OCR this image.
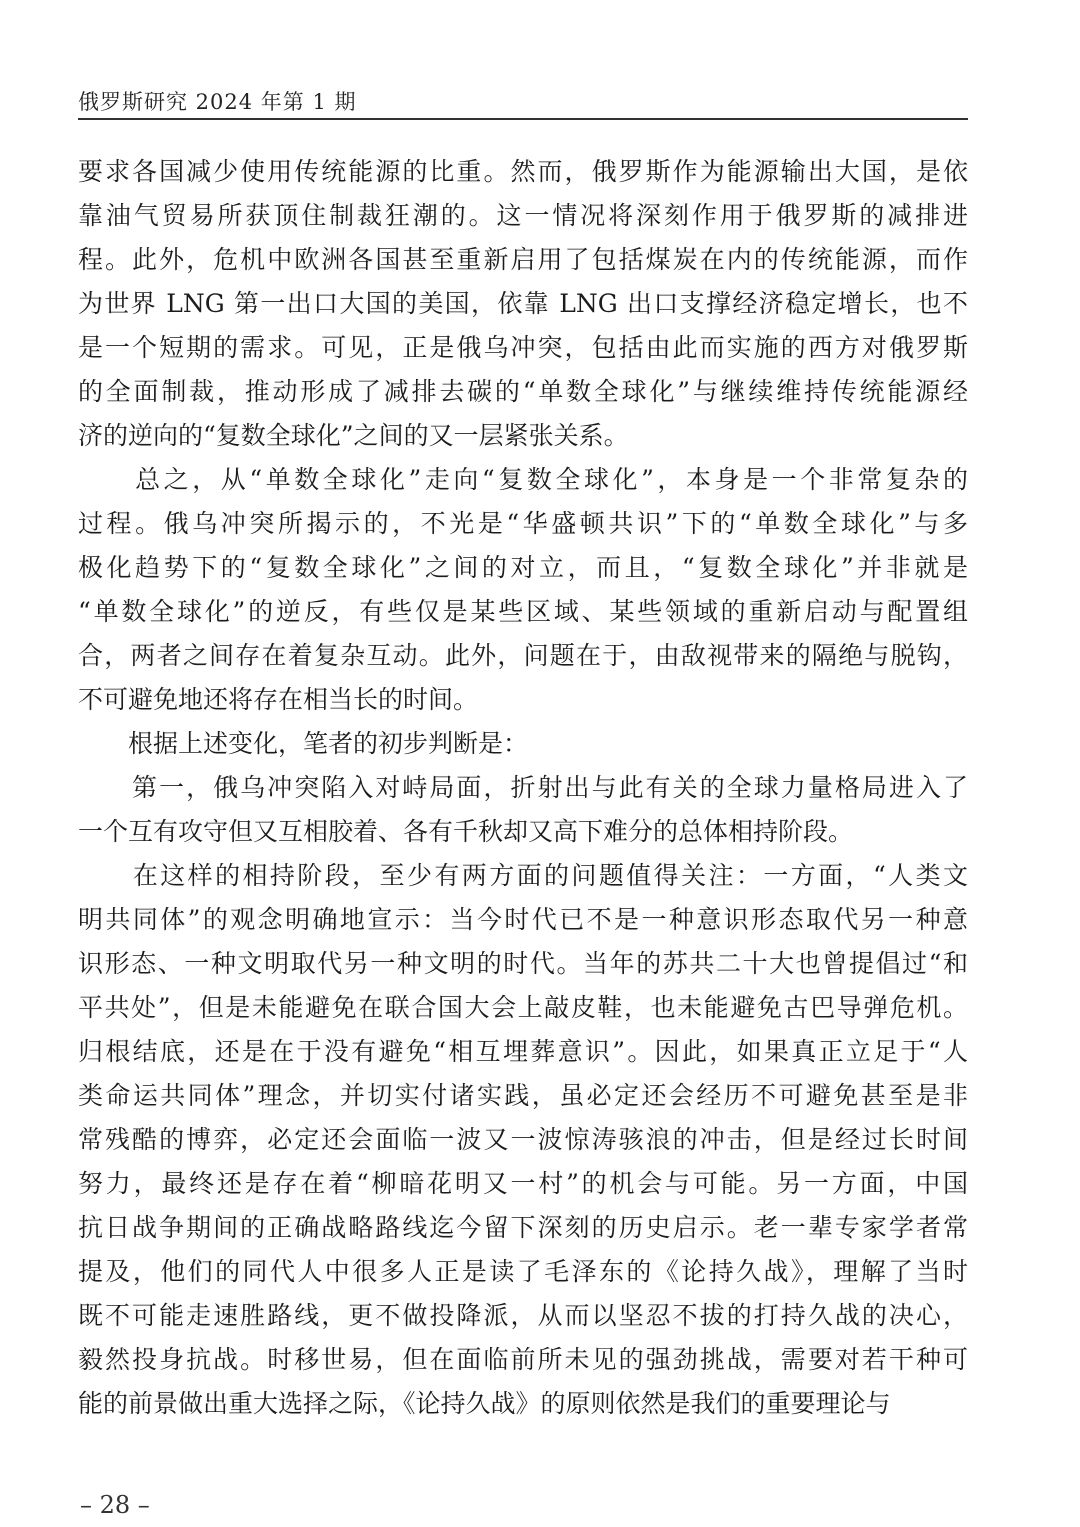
俄罗斯研究 2024 年第 1 期
要求各国减少使用传统能源的比重。然而，俄罗斯作为能源输出大国，是依
靠油气贸易所获顶住制裁狂潮的。这一情况将深刻作用于俄罗斯的减排进
程。此外，危机中欧洲各国甚至重新启用了包括煤炭在内的传统能源，而作
为世界 LNG 第一出口大国的美国，依靠 LNG 出口支撑经济稳定增长，也不
是一个短期的需求。可见，正是俄乌冲突，包括由此而实施的西方对俄罗斯
的全面制裁，推动形成了减排去碳的“单数全球化”与继续维持传统能源经
济的逆向的“复数全球化”之间的又一层紧张关系。
　　总之，从“单数全球化”走向“复数全球化”，本身是一个非常复杂的
过程。俄乌冲突所揭示的，不光是“华盛顿共识”下的“单数全球化”与多
极化趋势下的“复数全球化”之间的对立，而且，“复数全球化”并非就是
“单数全球化”的逆反，有些仅是某些区域、某些领域的重新启动与配置组
合，两者之间存在着复杂互动。此外，问题在于，由敌视带来的隔绝与脱钩，
不可避免地还将存在相当长的时间。
　　根据上述变化，笔者的初步判断是：
　　第一，俄乌冲突陷入对峙局面，折射出与此有关的全球力量格局进入了
一个互有攻守但又互相胶着、各有千秋却又高下难分的总体相持阶段。
　　在这样的相持阶段，至少有两方面的问题值得关注：一方面，“人类文
明共同体”的观念明确地宣示：当今时代已不是一种意识形态取代另一种意
识形态、一种文明取代另一种文明的时代。当年的苏共二十大也曾提倡过“和
平共处”，但是未能避免在联合国大会上敲皮鞋，也未能避免古巴导弹危机。
归根结底，还是在于没有避免“相互埋葬意识”。因此，如果真正立足于“人
类命运共同体”理念，并切实付诸实践，虽必定还会经历不可避免甚至是非
常残酷的博弈，必定还会面临一波又一波惊涛骇浪的冲击，但是经过长时间
努力，最终还是存在着“柳暗花明又一村”的机会与可能。另一方面，中国
抗日战争期间的正确战略路线迄今留下深刻的历史启示。老一辈专家学者常
提及，他们的同代人中很多人正是读了毛泽东的《论持久战》，理解了当时
既不可能走速胜路线，更不做投降派，从而以坚忍不拔的打持久战的决心，
毅然投身抗战。时移世易，但在面临前所未见的强劲挑战，需要对若干种可
能的前景做出重大选择之际，《论持久战》的原则依然是我们的重要理论与
– 28 –
